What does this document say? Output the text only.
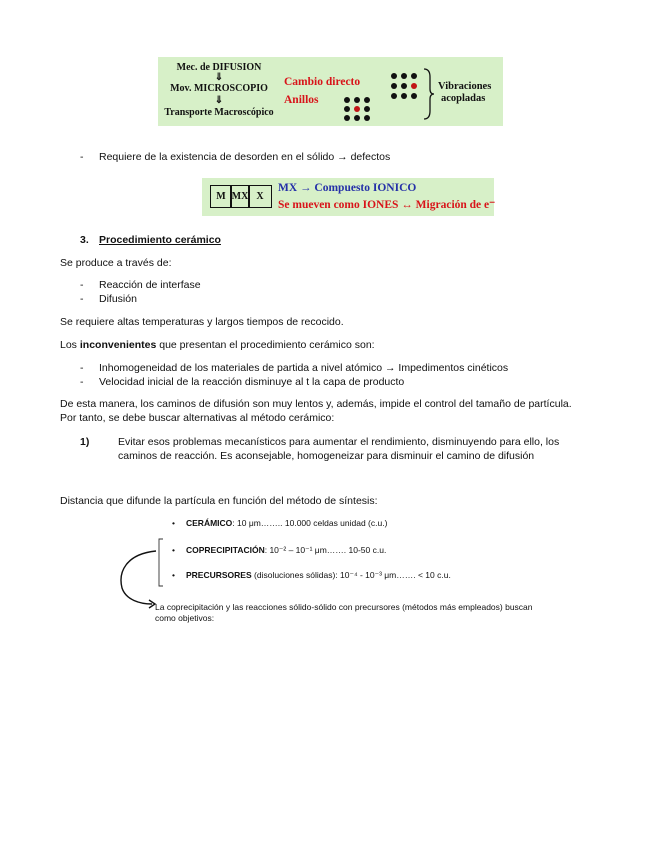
Mec. de DIFUSION
⇓
Mov. MICROSCOPIO
⇓
Transporte Macroscópico
Cambio directo
Anillos
Vibraciones
acopladas
- Requiere de la existencia de desorden en el sólido → defectos
M MX X
MX → Compuesto IONICO
Se mueven como IONES ↔ Migración de e⁻
3. Procedimiento cerámico
Se produce a través de:
- Reacción de interfase
- Difusión
Se requiere altas temperaturas y largos tiempos de recocido.
Los inconvenientes que presentan el procedimiento cerámico son:
- Inhomogeneidad de los materiales de partida a nivel atómico → Impedimentos cinéticos
- Velocidad inicial de la reacción disminuye al t la capa de producto
De esta manera, los caminos de difusión son muy lentos y, además, impide el control del tamaño de partícula.
Por tanto, se debe buscar alternativas al método cerámico:
1)	Evitar esos problemas mecanísticos para aumentar el rendimiento, disminuyendo para ello, los
caminos de reacción. Es aconsejable, homogeneizar para disminuir el camino de difusión
Distancia que difunde la partícula en función del método de síntesis:
• CERÁMICO: 10 μm…….. 10.000 celdas unidad (c.u.)
• COPRECIPITACIÓN: 10⁻² – 10⁻¹ μm……. 10-50 c.u.
• PRECURSORES (disoluciones sólidas): 10⁻⁴ - 10⁻³ μm……. < 10 c.u.
La coprecipitación y las reacciones sólido-sólido con precursores (métodos más empleados) buscan
como objetivos:
